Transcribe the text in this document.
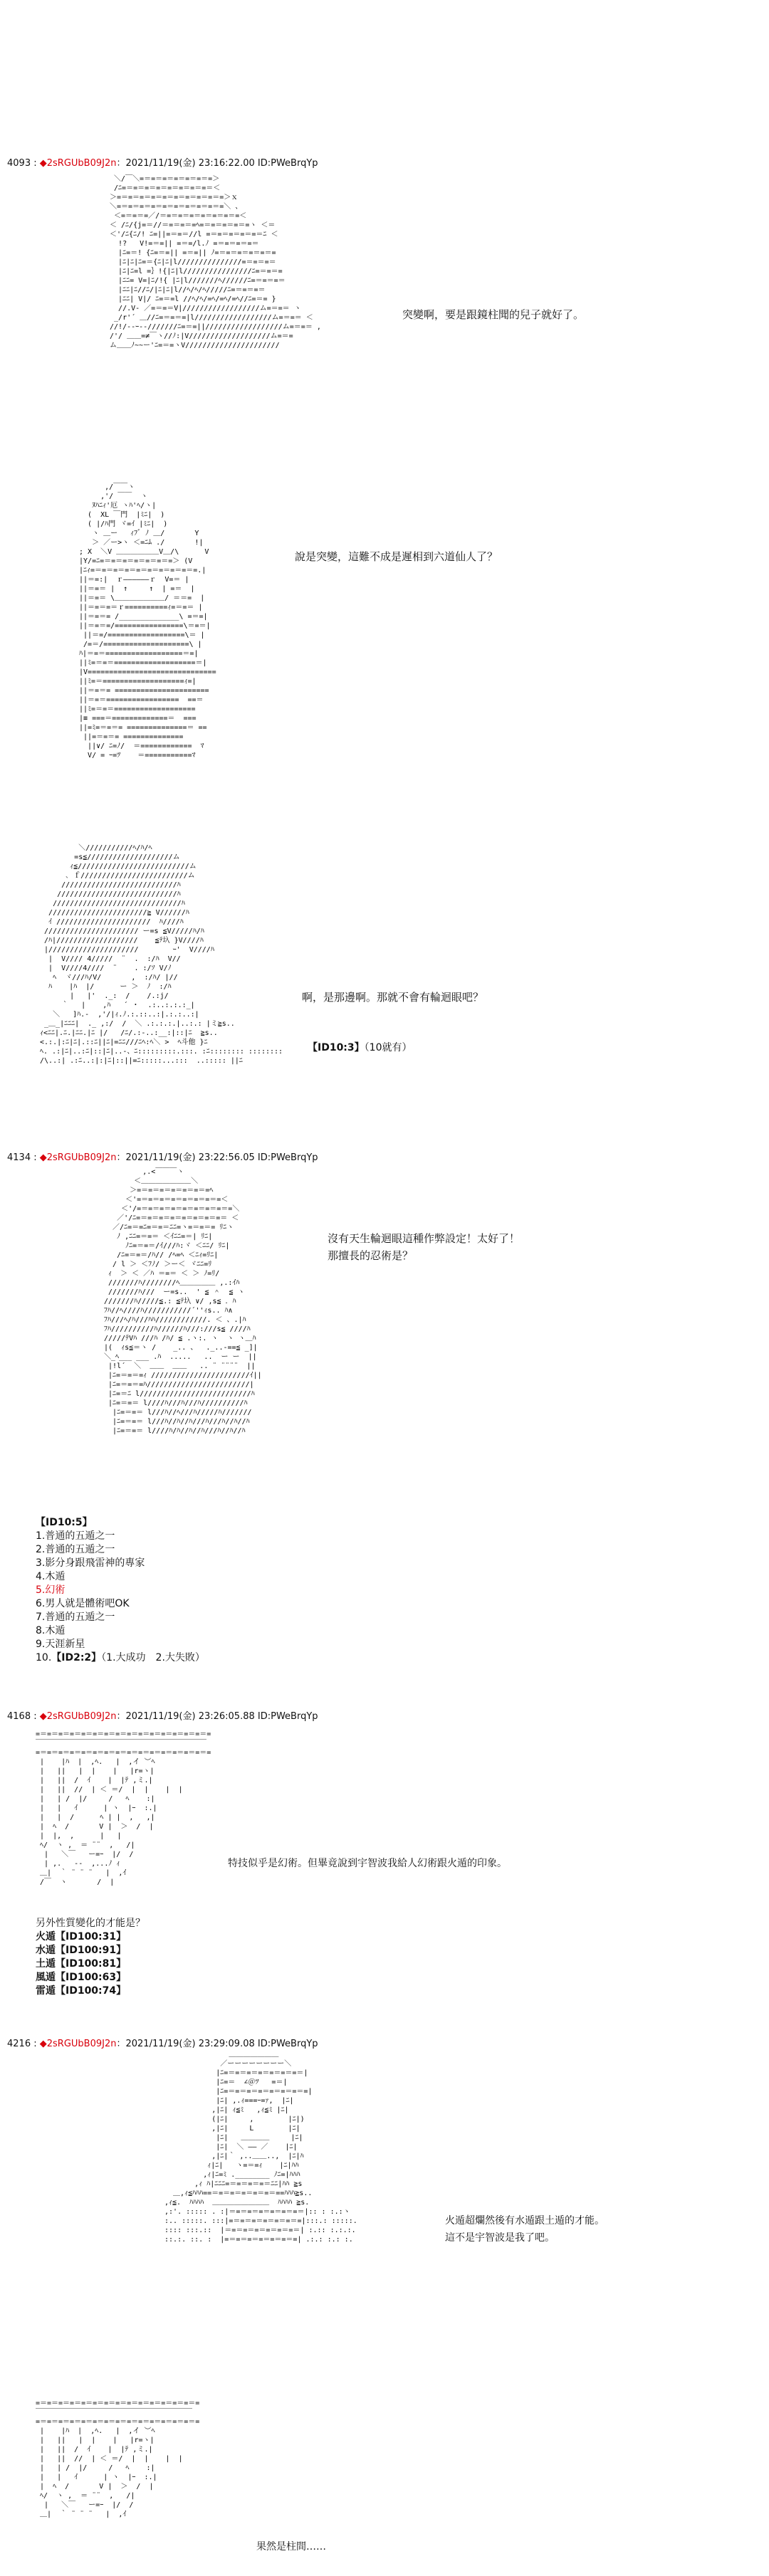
4093 : ◆2sRGUbB09J2n：2021/11/19(金) 23:16:22.00 ID:PWeBrqYp
＼/￣＼=＝=＝=＝=＝=＝=＝=＞
/ﾆ=＝=＝=＝=＝=＝=＝=＝=＝＜
＞=＝=＝=＝=＝=＝=＝=＝=＝=＝=＞ｘ
＼=＝=＝=＝=＝=＝=＝=＝=＝=＝=＼ 、
＜=＝=＝=／/＝=＝=＝=＝=＝=＝=＝=＜
＜ /ﾆ/{j=＝//＝=＝=＝=ﾍ=＝=＝=＝=＝=ヽ ＜＝
＜'/ﾆ{ﾆ/! ﾆ=||=＝=＝//l =＝=＝=＝=＝=＝ﾆ ＜
!?   V!=＝=|| =＝=/l.ﾉ =＝=＝=＝=＝
|ﾆ=＝! {ﾆ=＝=|| =＝=|| ﾉ=＝=＝=＝=＝=＝=
|ﾆ|ﾆ|ﾆ=＝{ﾆ|ﾆ|l///////////////=＝=＝=＝
|ﾆ|ﾆ=l =｝!{|ﾆ|l////////////////ﾆ=＝=＝=
|ﾆﾆ= V=|ﾆ/!{ |ﾆ|l///////ﾍ//////ﾆ=＝=＝=＝
|ﾆﾆ|ﾆ//ﾆ/|ﾆ|ﾆ|l//ﾍ/ﾍ/ﾍ/////ﾆ=＝=＝=＝
|ﾆﾆ| V|/ ﾆ=＝=l //ﾍ/ﾍ/=ﾍ/=ﾍ/=ﾍ//ﾆ=＝= }
//.V- ／=＝=＝V|//////////////////ム=＝=＝ ヽ
_/r'´ ＿//ﾆ=＝=＝=|l//////////////////ム=＝=＝ ＜
//!/--ｰ--///////ﾆ=＝=||//////////////////ム=＝=＝ ,
/'/ ＿＿=≠￣ヽ//ﾉ:|V///////////////////ム=＝=
ム＿＿ﾉ~~ー'ﾆ=＝=ヽV//////////////////////
突變啊，要是跟鏡柱聞的兒子就好了。
,/￣￣ヽ
,'/ ￣￣  ヽ
ﾇﾊﾆｨ'厄 ヽﾊ'ﾍ/ヽ|
(  XL ￣門  |ﾐﾆ|  )
( |/ﾊ門 ヾ=ｲ |ﾐﾆ|  )
ヽ ＿ー   ｨﾌﾞ ﾉ ＿/       Y
＞ ／ー>ヽ ＜=ﾆﾑ ./       !|
; X  ＼V ＿＿＿＿＿＿V＿/\      V
|Y/=ﾆ=＝=＝=＝=＝=＝=＝=＞ (V
|ﾆｨ=＝=＝=＝=＝=＝=＝=＝=＝=＝=.|
||＝=:|  ｒ――――――ｒ  V=＝ |
||＝=＝ |  ↑     ↑  | =＝  |
||＝=＝ \＿＿＿＿＿＿＿/ ＝＝=  |
||＝=＝=＝ｒ==========ｨ=＝=＝ |
||＝=＝= /______________\ =＝=|
||＝=＝=/================\＝=＝|
||＝=/==================\＝ |
/=＝/====================\ |
ﾊ|＝=＝==================＝=|
||ﾐ=＝=＝===================＝|
|V==============================
||ﾐ=＝===================ｨ=|
||＝=＝= ======================
||＝=＝=================  ==＝
||ﾐ=＝=＝===================
|≡ ===＝=============＝  ===
||=ﾐ=＝=＝= ==============＝ ==
||=＝=＝= ==============
||∨/ ﾆ=ﾉ/  ＝============  ﾏ
V/ = ｰ=ﾂ    ＝===========ﾏ
說是突變，這難不成是遲相到六道仙人了？
＼///////////ﾍ/ﾊ/ﾍ
=s≦////////////////////ム
ｨ≦//////////////////////////ム
､ ｆ/////////////////////////ム
///////////////////////////ﾊ
////////////////////////////ﾊ
//////////////////////////////ﾊ
///////////////////////≧ V//////ﾊ
ｲ //////////////////////  ﾊ////ﾊ
////////////////////// ー=s ≦V/////ﾊ/ﾊ
/ﾊ|///////////////////    ≦ﾃ圦 }V////ﾊ
|/////////////////////        ｰ'  V////ﾊ
|  V//// 4/////  ¨  .  :/ﾊ  V//
|  V////4////  ¨    . :/ｿ V/ﾉ
ﾍ  ヾ///ﾊ/V/       ,  :/ﾊ/ |//
ﾊ    |ﾊ  |/      ー ＞  ﾉ  :/ﾊ
|   |'  ._:  /    /.:j/
｀   |    ,ﾊ   ´ ・  .:..:.:.:_|
＼   ]ﾊ.‐  ,'/|ｨ.ﾉ.:.::..:|.:.:..:|
_＿_|ﾆﾆﾆ|  ._ ,:/  /  ＼ .:.:.:.|..:.: |ミ≧s..
ｨ<ﾆﾆ|.ﾆ.|ﾆﾆ.|ﾆ |/   /ﾆ/.:‐..:__:|::|ﾆ  ≧s..
<.:.|:ﾆ|ﾆ|.::ﾆ||ﾆ|=ﾆﾆ///ﾆﾍ:ﾍ＼ >  ﾍ斗他 }ﾆ
ﾍ. .:|ﾆ|..:ﾆ|::|ﾆ|..‐、ﾆ:::::::::.:::. :ﾆ:::::::: ::::::::
/\..:| .:ﾆ..:|:|ﾆ|::||=ﾆ:::::...:::  ..::::: ||ﾆ
啊，是那邊啊。那就不會有輪迴眼吧？
【ID10:3】（10就有）
4134 : ◆2sRGUbB09J2n：2021/11/19(金) 23:22:56.05 ID:PWeBrqYp
,.<￣￣￣ヽ
＜＿＿＿＿＿＿＿＼
＞=＝=＝=＝=＝=＝=＝=ﾍ
＜'=＝=＝=＝=＝=＝=＝=＝=＜
＜'/=＝=＝=＝=＝=＝=＝=＝=＝=＼
／'/ﾆ=＝=＝=＝=＝=＝=＝=＝=＝ ＜
／/ﾆ=＝=ﾆ=＝=＝ﾆﾆ=ヽ=＝=＝= ﾘﾆヽ
ﾉ ,ﾆﾆ=＝=＝ ＜ｲﾆﾆ=＝| ﾘﾆ|
ﾉﾆ=＝=＝/ｲ///ﾊ:ヾ ＜ﾆﾆ/ ﾘﾆ|
/ﾆ=＝=＝/ﾊ// /ﾍ=ﾍ ＜ﾆｨ=ﾘﾆ|
/ l ＞ ＜ﾌﾉ/ ＞ー＜ ヾﾆﾆ=ﾘ
ｨ  ＞ ＜ ／ﾊ ＝=＝ ＜ ＞ ﾉ=ﾘ/
///////ﾊ////////ﾍ＿＿＿＿＿ ,.:ｲﾊ
///////ﾊ///  ー=s..  ' ≦ ＾  ≦ ヽ
///////ﾊ/////≦.: ≦ﾃ圦 ∨/ ,s≦ ．ﾊ
ﾌﾊ//ﾍ////ﾊ///////////´''ｨs.. ﾊ∧
ﾌﾊ///ﾍ/ﾊ///ﾊﾊ////////////. ＜ 、.|ﾊ
ﾌﾊ//////////ﾊ//////ﾊ///:///s≦ ////ﾊ
/////ﾃVﾊ ///ﾊ /ﾊ/ ≦ .ヽ:. ヽ  ヽ ヽ＿ﾊ
|(  ｨs≦＝ヽ /    _.. 、  ._..-==≦ _]|
＼_ﾍ___ ___ .ﾊ  .....   ..  ー ー  ||
|!l´  ＼  ＿＿  ＿＿   .. ¨ ¨¨¨¨  ||
|ﾆ=＝=＝=ｨ ///////////////////////ｲ||
|ﾆ=＝=＝=ﾊ////////////////////////|
|ﾆ=＝ﾆ l//////////////////////////ﾊ
|ﾆ=＝=＝ l////ﾊ///ﾊ///ﾊ//////////ﾊ
|ﾆ=＝=＝ l///ﾊ//ﾍ///ﾊ/////ﾊ///////
|ﾆ=＝=＝ l///ﾊ//ﾊ//ﾊ///ﾊ///ﾊ//ﾊ//ﾊ
|ﾆ=＝=＝ l////ﾊ/ﾊ//ﾊ//ﾊ///ﾊ//ﾊ//ﾊ
沒有天生輪迴眼這種作弊設定！太好了！
那擅長的忍術是？
【ID10:5】
1.普通的五遁之一
2.普通的五遁之一
3.影分身跟飛雷神的專家
4.木遁
5.幻術
6.男人就是體術吧OK
7.普通的五遁之一
8.木遁
9.天涯新星
10.【ID2:2】（1.大成功　2.大失敗）
4168 : ◆2sRGUbB09J2n：2021/11/19(金) 23:26:05.88 ID:PWeBrqYp
=＝=＝=＝=＝=＝=＝=＝=＝=＝=＝=＝=＝=＝=＝=＝=
￣￣￣￣￣￣￣￣￣￣￣￣￣￣￣￣￣￣￣￣￣￣￣￣
=＝=＝=＝=＝=＝=＝=＝=＝=＝=＝=＝=＝=＝=＝=＝=
|    |ﾊ  |  ,ﾍ.   |  ,イ ︶ﾍ
|   ||   |  |    |   |r=ヽ|
|   ||  /  ｲ    |  |ﾃ ,ミ.|
|   ||  //  | ＜ ＝/  |  |    |  |
|   | /  |/     /   ﾍ    :|
|   |   ｲ      | ヽ  |ｰ  :.|
|   |  /      ﾍ | |  ,   ,|
|  ﾍ  /       V |  ＞  /  |
|  |,  ,      |   |
ﾍ/  ヽ ,  ＝ ¨¨  ,   /|
|   ＼￣   ー=ｰ  |/  /
| ,.   --  ,...ﾉ ｨ
＿|  ｀ ¨ ¨ ¨   |  ,ｲ
/￣  ヽ       /  |
特技似乎是幻術。但畢竟說到宇智波我給人幻術跟火遁的印象。
另外性質變化的才能是？
火遁【ID100:31】
水遁【ID100:91】
土遁【ID100:81】
風遁【ID100:63】
雷遁【ID100:74】
4216 : ◆2sRGUbB09J2n：2021/11/19(金) 23:29:09.08 ID:PWeBrqYp
＿＿＿＿＿＿＿
／ーーーーーーーー＼
|ﾆ=＝=＝=＝=＝=＝=＝=＝|
|ﾆ=＝  ∠＠ﾂ   =＝|
|ﾆ=＝=＝=＝=＝=＝=＝=＝=|
|ﾆ| ,.ｨ===ｰ=ｧ,  |ﾆ|
,|ﾆ| ｨ≦ﾐ   ,ｨ≦ﾐ |ﾆ|
(|ﾆ|     ,        |ﾆ|)
,|ﾆ|     L        |ﾆ|
|ﾆ|   ＿＿＿＿     |ﾆ|
|ﾆ|  ＼ ―― ／    |ﾆ|
,|ﾆ|｀ ,..＿＿..,  |ﾆ|ﾊ
ｨ|ﾆ|   ヽ=＝=ｨ    |ﾆ|ﾊﾊ
,ｨ|ﾆ=ﾐ .________ ﾉﾆ=|ﾊﾊﾊ
,ｨ ﾊ|ﾆﾆﾆ=＝=＝=＝=＝ﾆﾆ|ﾊﾊ ≧s
＿,ｨ≦ﾊﾊﾊ==＝=＝=＝=＝=＝=＝==ﾊﾊﾊ≧s..
,ｨ≦.  ﾊﾊﾊﾊ  ＿＿＿＿＿＿＿＿  ﾊﾊﾊﾊ ≧s.
,:'. ::::: . :|＝=＝=＝=＝=＝=＝=＝|:: : :.:ヽ
:.. :::::. :::|=＝=＝=＝=＝=＝=＝=|:::.: :::::.
:::: :::.::  |＝=＝=＝=＝=＝=＝=＝| :.:: :.:.:.
::.:. ::. :  |=＝=＝=＝=＝=＝=＝=| .:.: :.: :.
火遁超爛然後有水遁跟土遁的才能。
這不是宇智波是我了吧。
=＝=＝=＝=＝=＝=＝=＝=＝=＝=＝=＝=＝=＝=＝=
￣￣￣￣￣￣￣￣￣￣￣￣￣￣￣￣￣￣￣￣￣￣
=＝=＝=＝=＝=＝=＝=＝=＝=＝=＝=＝=＝=＝=＝=
|    |ﾊ  |  ,ﾍ.   |  ,イ ︶ﾍ
|   ||   |  |    |   |r=ヽ|
|   ||  /  ｲ    |  |ﾃ ,ミ.|
|   ||  //  | ＜ ＝/  |  |    |  |
|   | /  |/     /   ﾍ    :|
|   |   ｲ      | ヽ  |ｰ  :.|
|  ﾍ  /       V |  ＞  /  |
ﾍ/  ヽ ,  ＝ ¨¨  ,   /|
|   ＼￣   ー=ｰ  |/  /
＿|  ｀ ¨ ¨ ¨   |  ,ｲ
果然是柱間……
